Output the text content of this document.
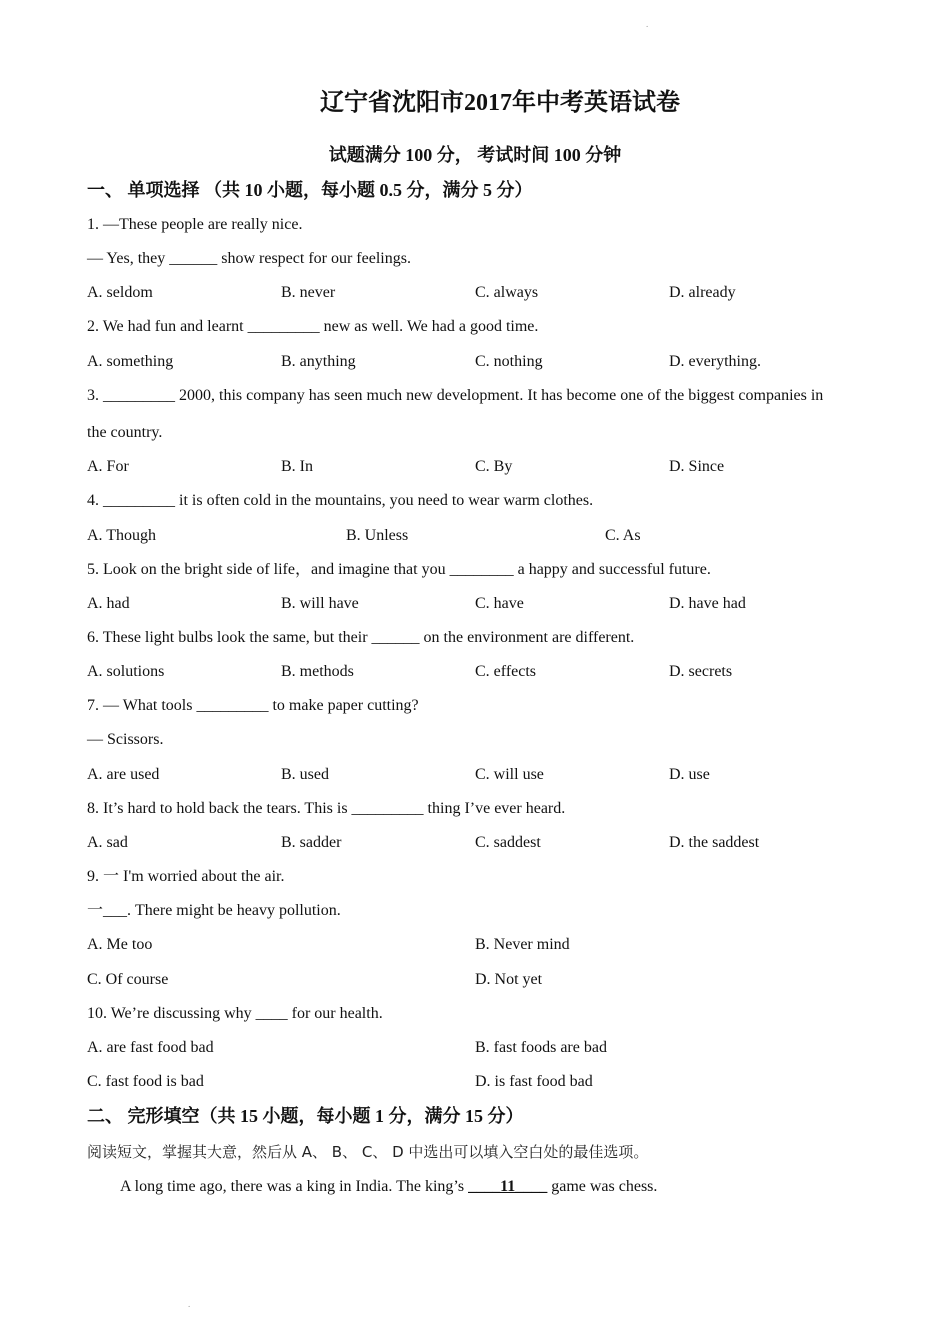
.
辽宁省沈阳市2017年中考英语试卷
试题满分 100 分， 考试时间 100 分钟
一、 单项选择 （共 10 小题，每小题 0.5 分，满分 5 分）
1. —These people are really nice.
— Yes, they ______ show respect for our feelings.
A. seldom	B. never	C. always	D. already
2. We had fun and learnt _________ new as well. We had a good time.
A. something	B. anything	C. nothing	D. everything.
3. _________ 2000, this company has seen much new development. It has become one of the biggest companies in
the country.
A. For	B. In	C. By	D. Since
4. _________ it is often cold in the mountains, you need to wear warm clothes.
A. Though	B. Unless	C. As
5. Look on the bright side of life，and imagine that you ________ a happy and successful future.
A. had	B. will have	C. have	D. have had
6. These light bulbs look the same, but their ______ on the environment are different.
A. solutions	B. methods	C. effects	D. secrets
7. — What tools _________ to make paper cutting?
— Scissors.
A. are used	B. used	C. will use	D. use
8. It’s hard to hold back the tears. This is _________ thing I’ve ever heard.
A. sad	B. sadder	C. saddest	D. the saddest
9. 一 I'm worried about the air.
一___. There might be heavy pollution.
A. Me too	B. Never mind
C. Of course	D. Not yet
10. We’re discussing why ____ for our health.
A. are fast food bad	B. fast foods are bad
C. fast food is bad	D. is fast food bad
二、 完形填空（共 15 小题，每小题 1 分，满分 15 分）
阅读短文，掌握其大意，然后从 A、 B、 C、 D 中选出可以填入空白处的最佳选项。
A long time ago, there was a king in India. The king’s ____11____ game was chess.
.
